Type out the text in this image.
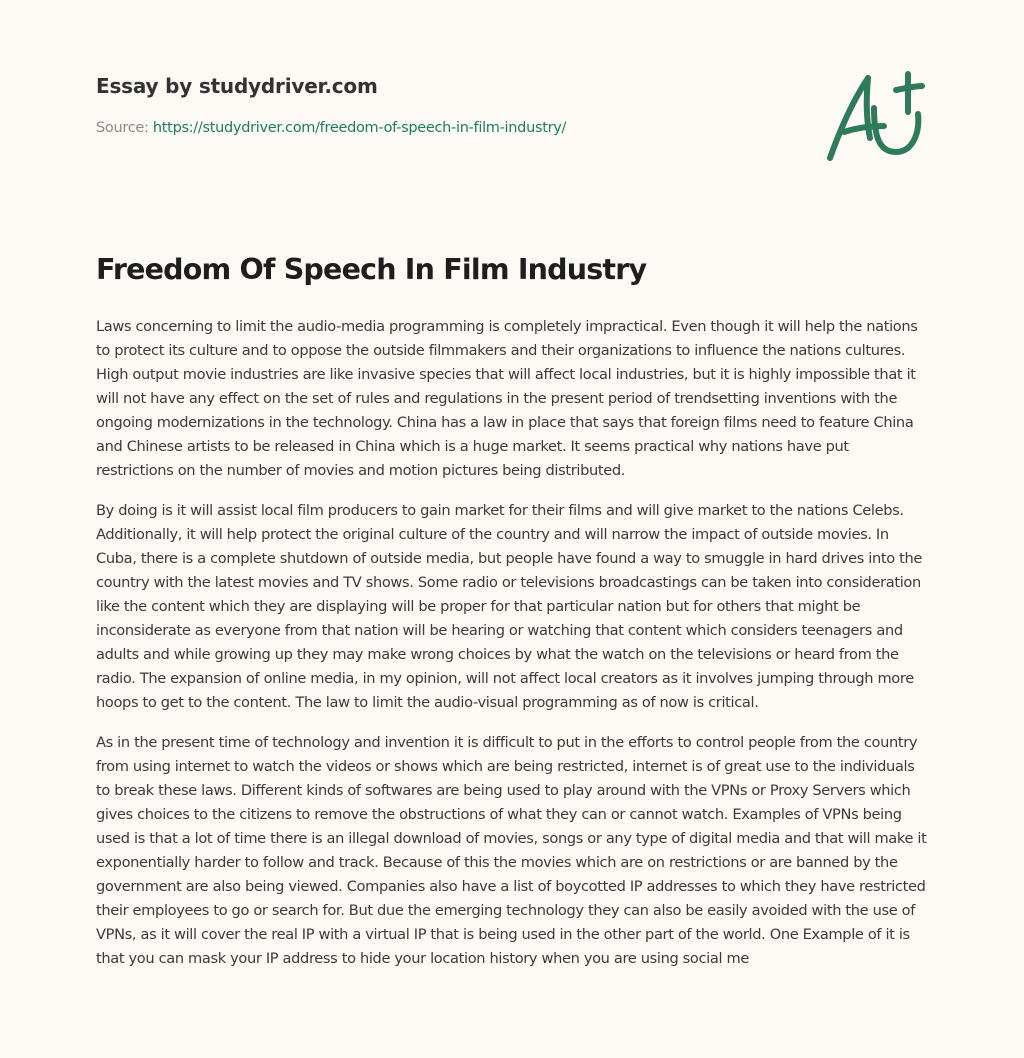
Essay by studydriver.com
Source: https://studydriver.com/freedom-of-speech-in-film-industry/
Freedom Of Speech In Film Industry

Laws concerning to limit the audio-media programming is completely impractical. Even though it will help the nations to protect its culture and to oppose the outside filmmakers and their organizations to influence the nations cultures. High output movie industries are like invasive species that will affect local industries, but it is highly impossible that it will not have any effect on the set of rules and regulations in the present period of trendsetting inventions with the ongoing modernizations in the technology. China has a law in place that says that foreign films need to feature China and Chinese artists to be released in China which is a huge market. It seems practical why nations have put restrictions on the number of movies and motion pictures being distributed.

By doing is it will assist local film producers to gain market for their films and will give market to the nations Celebs. Additionally, it will help protect the original culture of the country and will narrow the impact of outside movies. In Cuba, there is a complete shutdown of outside media, but people have found a way to smuggle in hard drives into the country with the latest movies and TV shows. Some radio or televisions broadcastings can be taken into consideration like the content which they are displaying will be proper for that particular nation but for others that might be inconsiderate as everyone from that nation will be hearing or watching that content which considers teenagers and adults and while growing up they may make wrong choices by what the watch on the televisions or heard from the radio. The expansion of online media, in my opinion, will not affect local creators as it involves jumping through more hoops to get to the content. The law to limit the audio-visual programming as of now is critical.

As in the present time of technology and invention it is difficult to put in the efforts to control people from the country from using internet to watch the videos or shows which are being restricted, internet is of great use to the individuals to break these laws. Different kinds of softwares are being used to play around with the VPNs or Proxy Servers which gives choices to the citizens to remove the obstructions of what they can or cannot watch. Examples of VPNs being used is that a lot of time there is an illegal download of movies, songs or any type of digital media and that will make it exponentially harder to follow and track. Because of this the movies which are on restrictions or are banned by the government are also being viewed. Companies also have a list of boycotted IP addresses to which they have restricted their employees to go or search for. But due the emerging technology they can also be easily avoided with the use of VPNs, as it will cover the real IP with a virtual IP that is being used in the other part of the world. One Example of it is that you can mask your IP address to hide your location history when you are using social me
